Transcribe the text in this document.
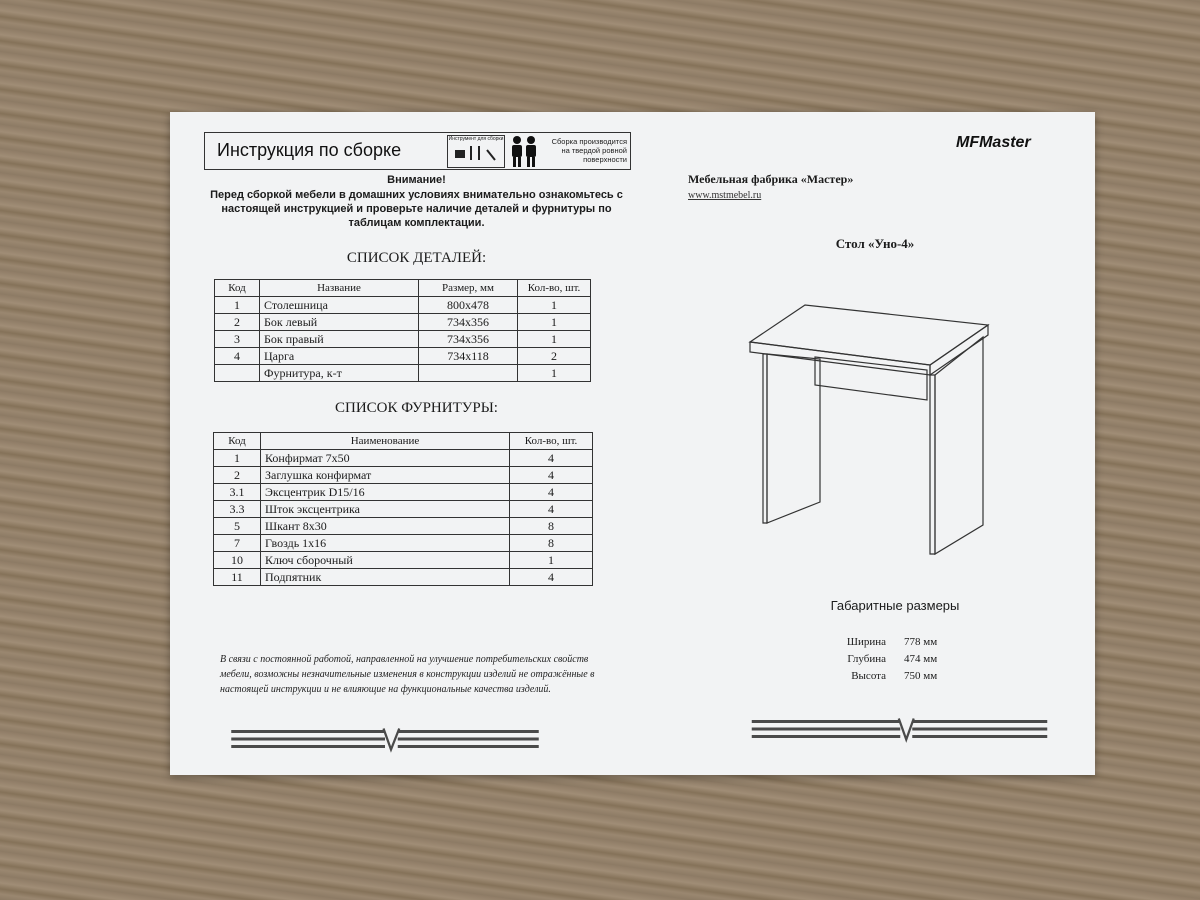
Инструкция по сборке
Инструмент для сборки	Сборка производится на твердой ровной поверхности
Внимание!
Перед сборкой мебели в домашних условиях внимательно ознакомьтесь с настоящей инструкцией и проверьте наличие деталей и фурнитуры по таблицам комплектации.
СПИСОК ДЕТАЛЕЙ:
Код	Название	Размер, мм	Кол-во, шт.
1	Столешница	800х478	1
2	Бок левый	734х356	1
3	Бок правый	734х356	1
4	Царга	734х118	2
	Фурнитура, к-т		1
СПИСОК ФУРНИТУРЫ:
Код	Наименование	Кол-во, шт.
1	Конфирмат 7х50	4
2	Заглушка конфирмат	4
3.1	Эксцентрик D15/16	4
3.3	Шток эксцентрика	4
5	Шкант 8х30	8
7	Гвоздь 1х16	8
10	Ключ сборочный	1
11	Подпятник	4
В связи с постоянной работой, направленной на улучшение потребительских свойств мебели, возможны незначительные изменения в конструкции изделий не отражённые в настоящей инструкции и не влияющие на функциональные качества изделий.
MFMaster
Мебельная фабрика «Мастер»
www.mstmebel.ru
Стол «Уно-4»
Габаритные размеры
Ширина 778 мм
Глубина 474 мм
Высота 750 мм
